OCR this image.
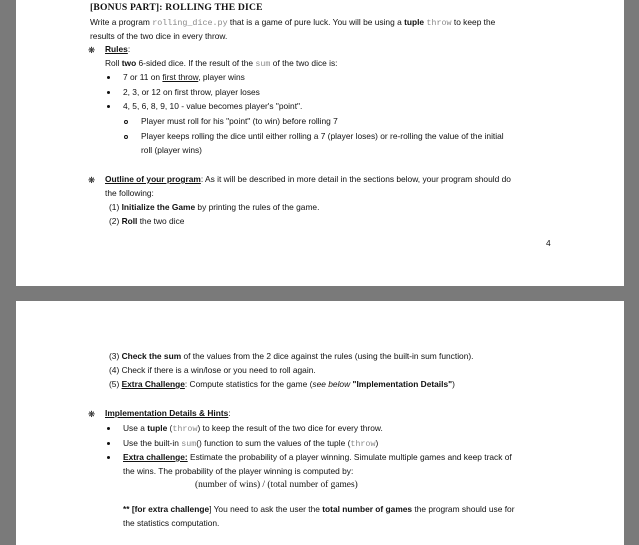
[BONUS PART]: ROLLING THE DICE
Write a program rolling_dice.py that is a game of pure luck. You will be using a tuple throw to keep the
results of the two dice in every throw.
❋ Rules:
Roll two 6-sided dice. If the result of the sum of the two dice is:
7 or 11 on first throw, player wins
2, 3, or 12 on first throw, player loses
4, 5, 6, 8, 9, 10 - value becomes player's "point".
Player must roll for his "point" (to win) before rolling 7
Player keeps rolling the dice until either rolling a 7 (player loses) or re-rolling the value of the initial
roll (player wins)
❋ Outline of your program: As it will be described in more detail in the sections below, your program should do
the following:
(1) Initialize the Game by printing the rules of the game.
(2) Roll the two dice
4
(3) Check the sum of the values from the 2 dice against the rules (using the built-in sum function).
(4) Check if there is a win/lose or you need to roll again.
(5) Extra Challenge: Compute statistics for the game (see below "Implementation Details")
❋ Implementation Details & Hints:
Use a tuple (throw) to keep the result of the two dice for every throw.
Use the built-in sum() function to sum the values of the tuple (throw)
Extra challenge: Estimate the probability of a player winning. Simulate multiple games and keep track of
the wins. The probability of the player winning is computed by:
(number of wins) / (total number of games)
** [for extra challenge] You need to ask the user the total number of games the program should use for
the statistics computation.
